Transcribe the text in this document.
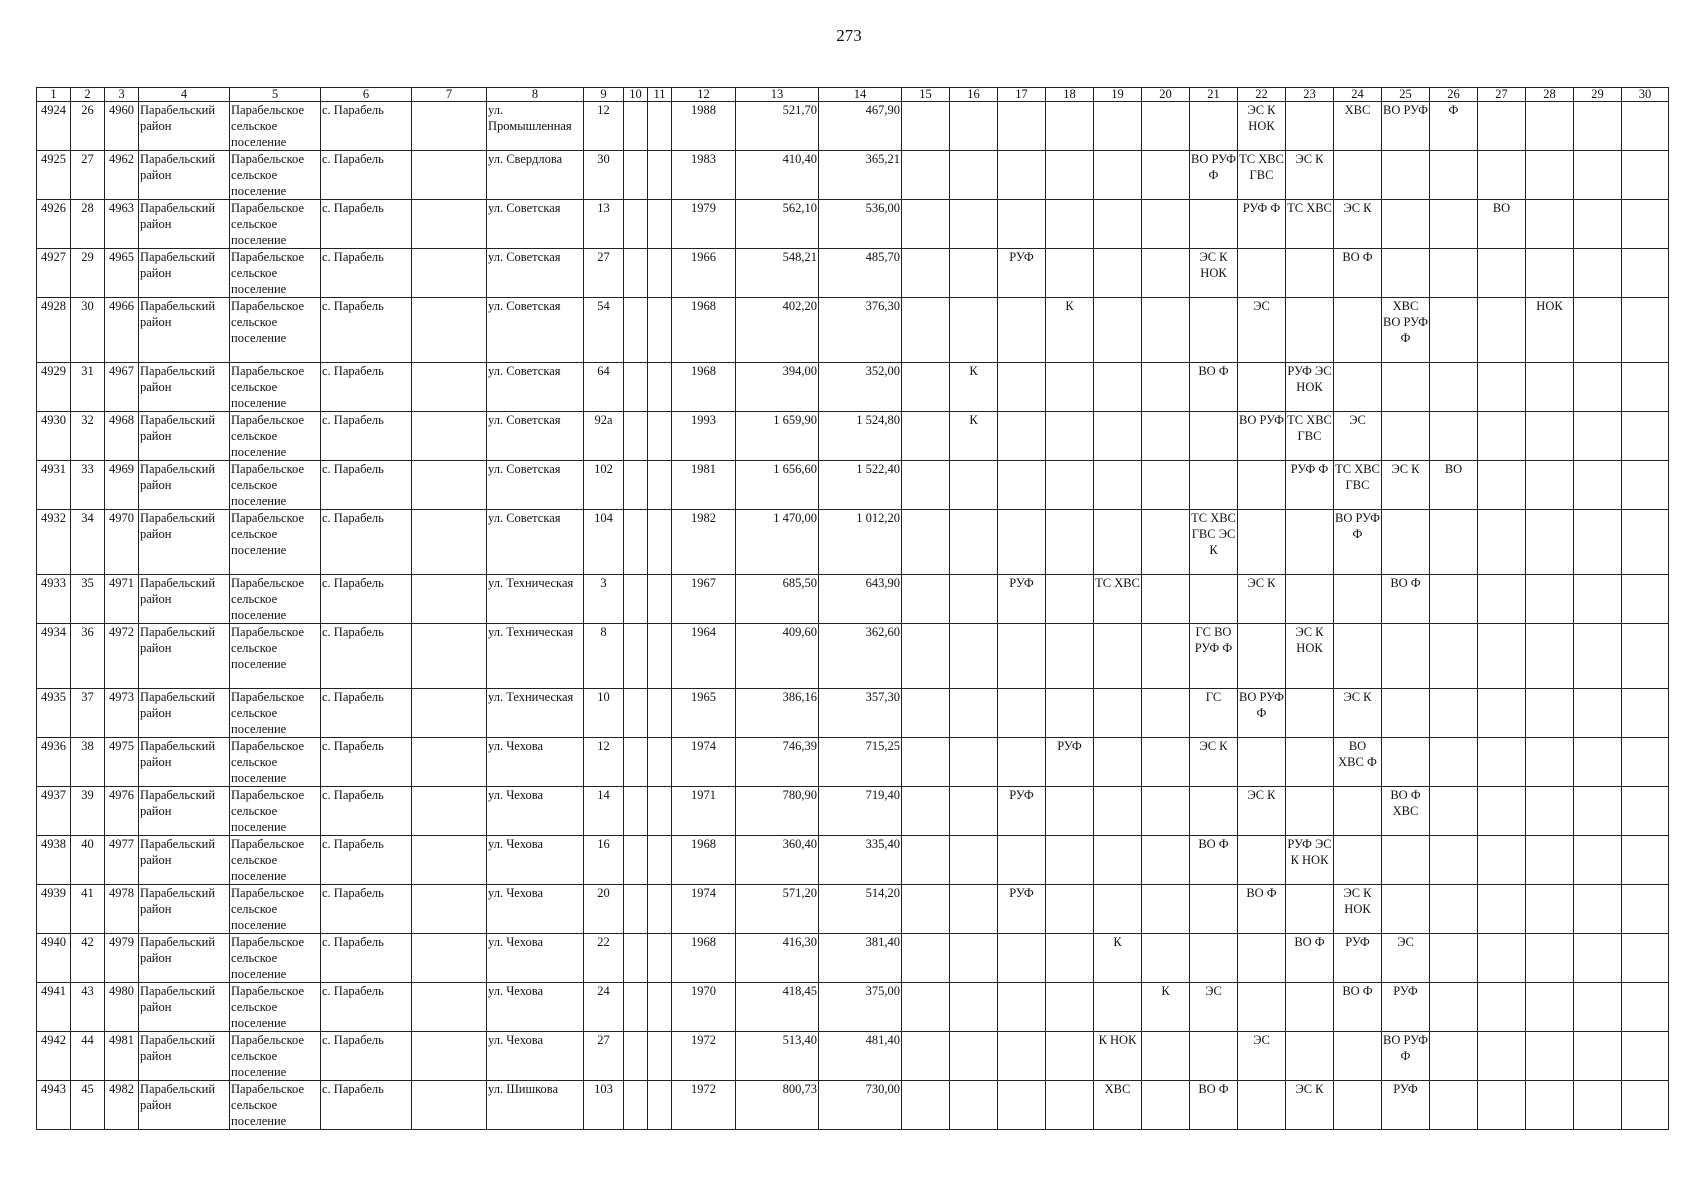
273
1	2	3	4	5	6	7	8	9	10	11	12	13	14	15	16	17	18	19	20	21	22	23	24	25	26	27	28	29	30
4924	26	4960	Парабельский район	Парабельское сельское поселение	с. Парабель		ул. Промышленная	12			1988	521,70	467,90								ЭС К НОК		ХВС	ВО РУФ	Ф				
4925	27	4962	Парабельский район	Парабельское сельское поселение	с. Парабель		ул. Свердлова	30			1983	410,40	365,21							ВО РУФ Ф	ТС ХВС ГВС	ЭС К							
4926	28	4963	Парабельский район	Парабельское сельское поселение	с. Парабель		ул. Советская	13			1979	562,10	536,00								РУФ Ф	ТС ХВС	ЭС К			ВО			
4927	29	4965	Парабельский район	Парабельское сельское поселение	с. Парабель		ул. Советская	27			1966	548,21	485,70			РУФ				ЭС К НОК			ВО Ф						
4928	30	4966	Парабельский район	Парабельское сельское поселение	с. Парабель		ул. Советская	54			1968	402,20	376,30				К				ЭС			ХВС ВО РУФ Ф			НОК		
4929	31	4967	Парабельский район	Парабельское сельское поселение	с. Парабель		ул. Советская	64			1968	394,00	352,00		К					ВО Ф		РУФ ЭС НОК							
4930	32	4968	Парабельский район	Парабельское сельское поселение	с. Парабель		ул. Советская	92а			1993	1 659,90	1 524,80		К						ВО РУФ	ТС ХВС ГВС	ЭС						
4931	33	4969	Парабельский район	Парабельское сельское поселение	с. Парабель		ул. Советская	102			1981	1 656,60	1 522,40									РУФ Ф	ТС ХВС ГВС	ЭС К	ВО				
4932	34	4970	Парабельский район	Парабельское сельское поселение	с. Парабель		ул. Советская	104			1982	1 470,00	1 012,20							ТС ХВС ГВС ЭС К			ВО РУФ Ф						
4933	35	4971	Парабельский район	Парабельское сельское поселение	с. Парабель		ул. Техническая	3			1967	685,50	643,90			РУФ		ТС ХВС			ЭС К			ВО Ф					
4934	36	4972	Парабельский район	Парабельское сельское поселение	с. Парабель		ул. Техническая	8			1964	409,60	362,60							ГС ВО РУФ Ф		ЭС К НОК							
4935	37	4973	Парабельский район	Парабельское сельское поселение	с. Парабель		ул. Техническая	10			1965	386,16	357,30							ГС	ВО РУФ Ф		ЭС К						
4936	38	4975	Парабельский район	Парабельское сельское поселение	с. Парабель		ул. Чехова	12			1974	746,39	715,25				РУФ			ЭС К			ВО ХВС Ф						
4937	39	4976	Парабельский район	Парабельское сельское поселение	с. Парабель		ул. Чехова	14			1971	780,90	719,40			РУФ					ЭС К			ВО Ф ХВС					
4938	40	4977	Парабельский район	Парабельское сельское поселение	с. Парабель		ул. Чехова	16			1968	360,40	335,40							ВО Ф		РУФ ЭС К НОК							
4939	41	4978	Парабельский район	Парабельское сельское поселение	с. Парабель		ул. Чехова	20			1974	571,20	514,20			РУФ					ВО Ф		ЭС К НОК						
4940	42	4979	Парабельский район	Парабельское сельское поселение	с. Парабель		ул. Чехова	22			1968	416,30	381,40					К				ВО Ф	РУФ	ЭС					
4941	43	4980	Парабельский район	Парабельское сельское поселение	с. Парабель		ул. Чехова	24			1970	418,45	375,00						К	ЭС			ВО Ф	РУФ					
4942	44	4981	Парабельский район	Парабельское сельское поселение	с. Парабель		ул. Чехова	27			1972	513,40	481,40					К НОК			ЭС			ВО РУФ Ф					
4943	45	4982	Парабельский район	Парабельское сельское поселение	с. Парабель		ул. Шишкова	103			1972	800,73	730,00					ХВС		ВО Ф		ЭС К		РУФ					
